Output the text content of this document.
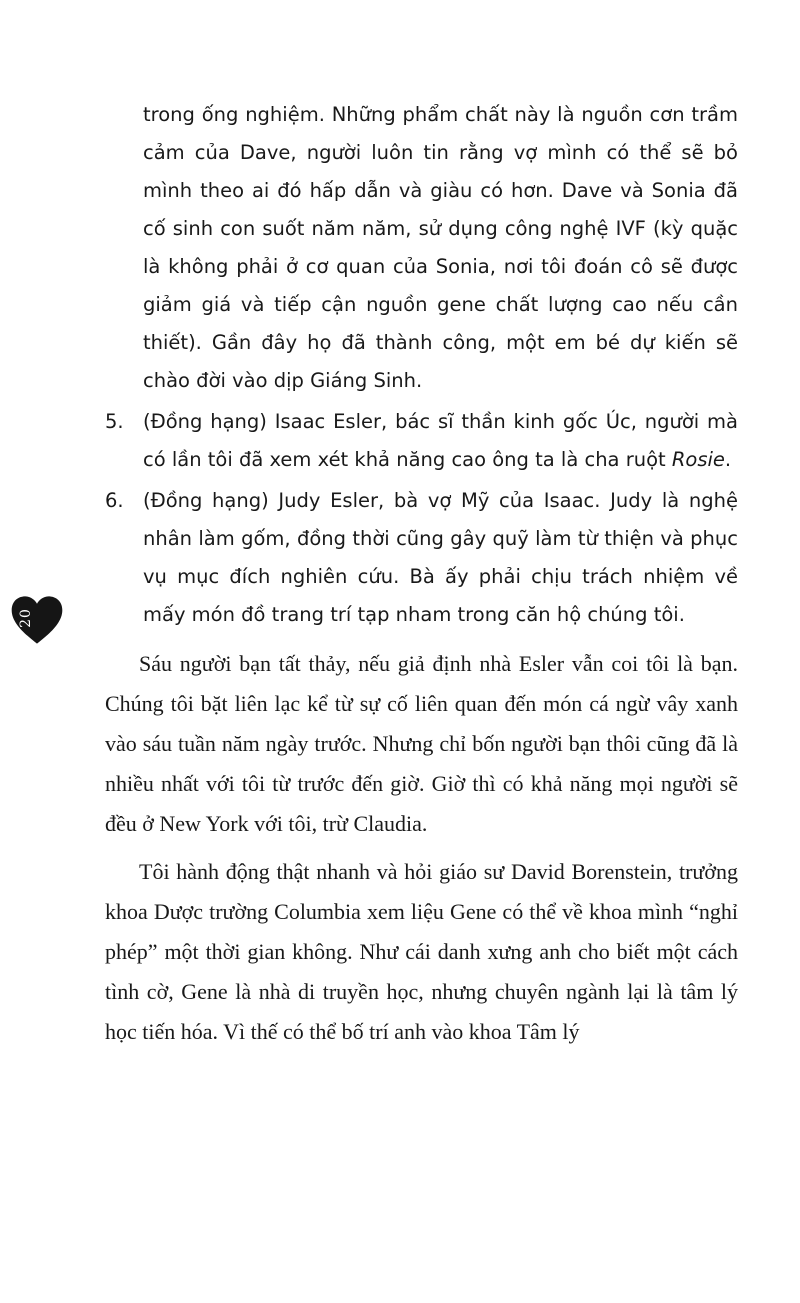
20
trong ống nghiệm. Những phẩm chất này là nguồn cơn trầm cảm của Dave, người luôn tin rằng vợ mình có thể sẽ bỏ mình theo ai đó hấp dẫn và giàu có hơn. Dave và Sonia đã cố sinh con suốt năm năm, sử dụng công nghệ IVF (kỳ quặc là không phải ở cơ quan của Sonia, nơi tôi đoán cô sẽ được giảm giá và tiếp cận nguồn gene chất lượng cao nếu cần thiết). Gần đây họ đã thành công, một em bé dự kiến sẽ chào đời vào dịp Giáng Sinh.
5. (Đồng hạng) Isaac Esler, bác sĩ thần kinh gốc Úc, người mà có lần tôi đã xem xét khả năng cao ông ta là cha ruột Rosie.
6. (Đồng hạng) Judy Esler, bà vợ Mỹ của Isaac. Judy là nghệ nhân làm gốm, đồng thời cũng gây quỹ làm từ thiện và phục vụ mục đích nghiên cứu. Bà ấy phải chịu trách nhiệm về mấy món đồ trang trí tạp nham trong căn hộ chúng tôi.

Sáu người bạn tất thảy, nếu giả định nhà Esler vẫn coi tôi là bạn. Chúng tôi bặt liên lạc kể từ sự cố liên quan đến món cá ngừ vây xanh vào sáu tuần năm ngày trước. Nhưng chỉ bốn người bạn thôi cũng đã là nhiều nhất với tôi từ trước đến giờ. Giờ thì có khả năng mọi người sẽ đều ở New York với tôi, trừ Claudia.

Tôi hành động thật nhanh và hỏi giáo sư David Borenstein, trưởng khoa Dược trường Columbia xem liệu Gene có thể về khoa mình “nghỉ phép” một thời gian không. Như cái danh xưng anh cho biết một cách tình cờ, Gene là nhà di truyền học, nhưng chuyên ngành lại là tâm lý học tiến hóa. Vì thế có thể bố trí anh vào khoa Tâm lý
